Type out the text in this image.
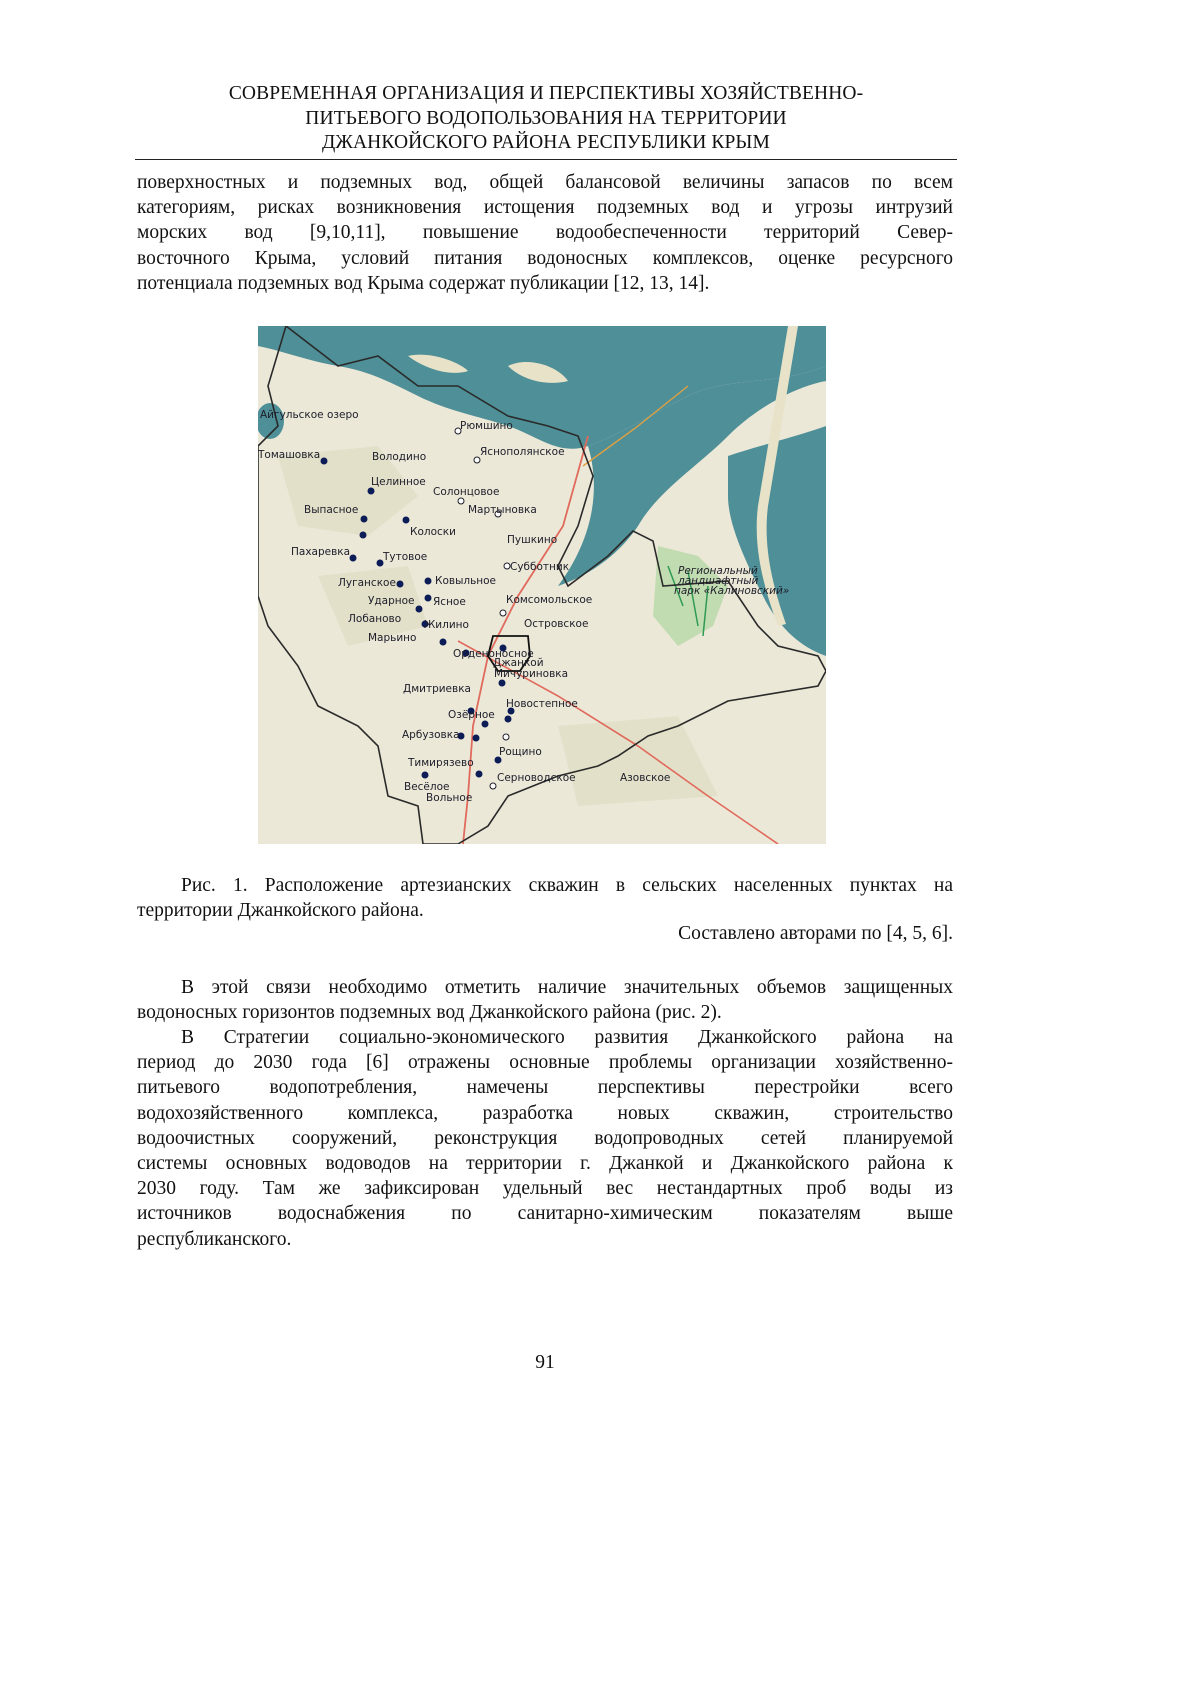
СОВРЕМЕННАЯ ОРГАНИЗАЦИЯ И ПЕРСПЕКТИВЫ ХОЗЯЙСТВЕННО-
ПИТЬЕВОГО ВОДОПОЛЬЗОВАНИЯ НА ТЕРРИТОРИИ
ДЖАНКОЙСКОГО РАЙОНА РЕСПУБЛИКИ КРЫМ
поверхностных и подземных вод, общей балансовой величины запасов по всем
категориям, рисках возникновения истощения подземных вод и угрозы интрузий
морских вод [9,10,11], повышение водообеспеченности территорий Север-
восточного Крыма, условий питания водоносных комплексов, оценке ресурсного
потенциала подземных вод Крыма содержат публикации [12, 13, 14].
Айгульское озеро
Рюмшино
Яснополянское
Томашовка	Володино
Целинное
Солонцовое
Выпасное	Мартыновка
Колоски
Пушкино
Пахаревка	Тутовое
Субботник
Луганское	Ковыльное
Ударное Ясное	Комсомольское
Лобаново Жилино	Островское
Марьино
Орденоносное
Джанкой
Мичуриновка
Дмитриевка
Новостепное
Озёрное
Арбузовка
Рощино
Тимирязево
Весёлое
Серноводское	Азовское
Вольное
Региональный
ландшафтный
парк «Калиновский»
Рис. 1. Расположение артезианских скважин в сельских населенных пунктах на
территории Джанкойского района.
Составлено авторами по [4, 5, 6].
В этой связи необходимо отметить наличие значительных объемов защищенных
водоносных горизонтов подземных вод Джанкойского района (рис. 2).
В Стратегии социально-экономического развития Джанкойского района на
период до 2030 года [6] отражены основные проблемы организации хозяйственно-
питьевого водопотребления, намечены перспективы перестройки всего
водохозяйственного комплекса, разработка новых скважин, строительство
водоочистных сооружений, реконструкция водопроводных сетей планируемой
системы основных водоводов на территории г. Джанкой и Джанкойского района к
2030 году. Там же зафиксирован удельный вес нестандартных проб воды из
источников водоснабжения по санитарно-химическим показателям выше
республиканского.
91
